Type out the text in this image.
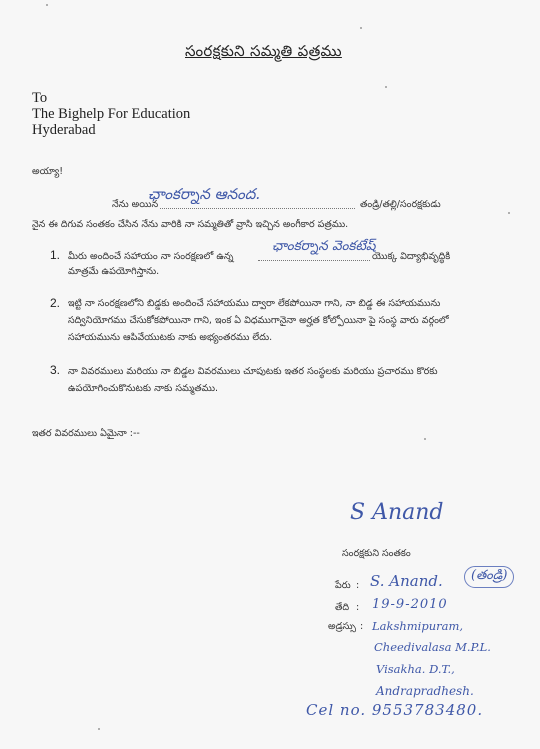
సంరక్షకుని సమ్మతి పత్రము
To
The Bighelp For Education
Hyderabad
అయ్యా!
నేను అయిన
ఛాంకర్నాన ఆనంద.
తండ్రి/తల్లి/సంరక్షకుడు
నైన ఈ దిగువ సంతకం చేసిన నేను వారికి నా సమ్మతితో వ్రాసి ఇచ్చిన అంగీకార పత్రము.
1. మీరు అందించే సహాయం నా సంరక్షణలో ఉన్న
ఛాంకర్నాన వెంకటేష్
యొక్క విద్యాభివృద్ధికి
మాత్రమే ఉపయోగిస్తాను.
2. ఇట్టి నా సంరక్షణలోని బిడ్డకు అందించే సహాయము ద్వారా లేకపోయినా గాని, నా బిడ్డ ఈ సహాయమును
సద్వినియోగము చేసుకోకపోయినా గాని, ఇంక ఏ విధముగానైనా అర్హత కోల్పోయినా పై సంస్థ వారు వర్గంలో
సహాయమును ఆపివేయుటకు నాకు అభ్యంతరము లేదు.
3. నా వివరములు మరియు నా బిడ్డల వివరములు చూపుటకు ఇతర సంస్థలకు మరియు ప్రచారము కొరకు
ఉపయోగించుకొనుటకు నాకు సమ్మతము.
ఇతర వివరములు ఏమైనా :--
S Anand
సంరక్షకుని సంతకం
(తండ్రి)
పేరు : S. Anand.
తేది : 19-9-2010
అడ్రస్సు : Lakshmipuram,
Cheedivalasa M.P.L.
Visakha. D.T.,
Andrapradhesh.
Cel no. 9553783480.
